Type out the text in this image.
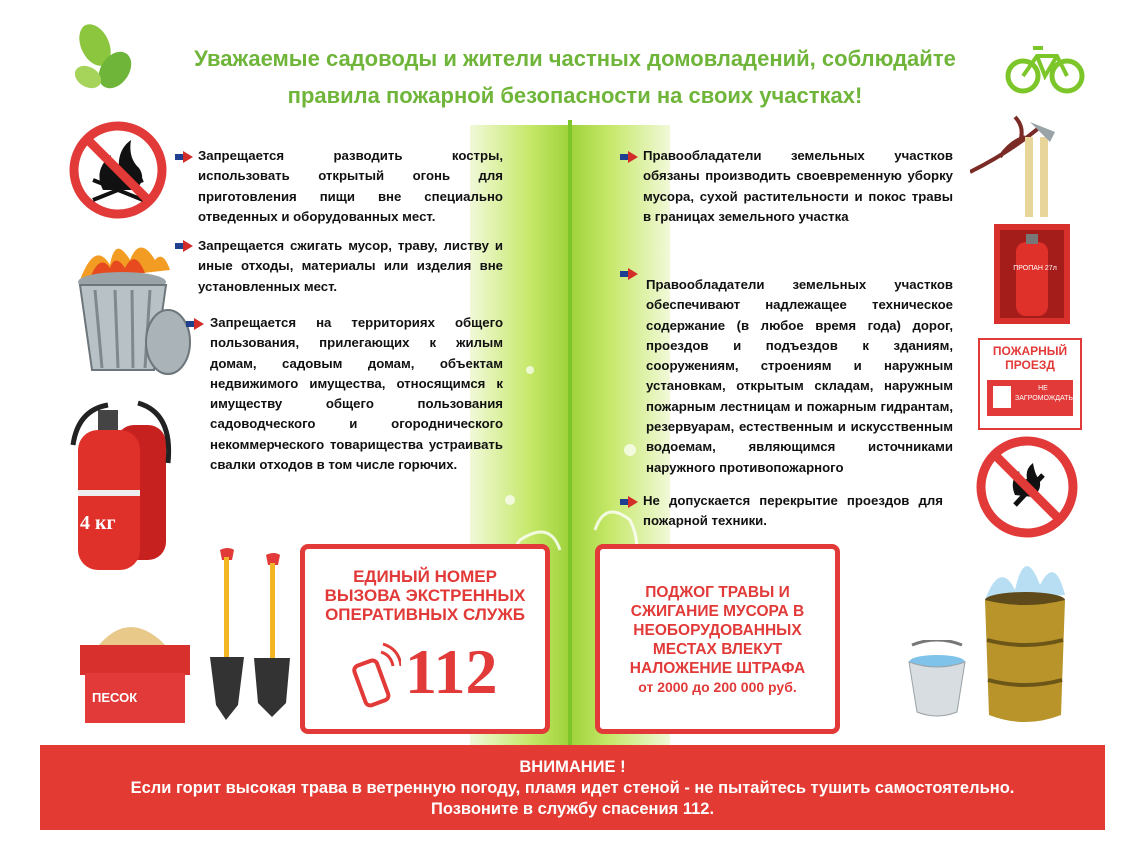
Уважаемые садоводы и жители частных домовладений, соблюдайте
правила пожарной безопасности на своих участках!

Запрещается разводить костры, использовать открытый огонь для приготовления пищи вне специально отведенных и оборудованных мест.

Запрещается сжигать мусор, траву, листву и иные отходы, материалы или изделия вне установленных мест.

Запрещается на территориях общего пользования, прилегающих к жилым домам, садовым домам, объектам недвижимого имущества, относящимся к имуществу общего пользования садоводческого и огороднического некоммерческого товарищества устраивать свалки отходов в том числе горючих.

4 кг
ПЕСОК
ЕДИНЫЙ НОМЕР ВЫЗОВА ЭКСТРЕННЫХ ОПЕРАТИВНЫХ СЛУЖБ
112
ПОДЖОГ ТРАВЫ И СЖИГАНИЕ МУСОРА В НЕОБОРУДОВАННЫХ МЕСТАХ ВЛЕКУТ НАЛОЖЕНИЕ ШТРАФА
от 2000 до 200 000 руб.

Правообладатели земельных участков обязаны производить своевременную уборку мусора, сухой растительности и покос травы в границах земельного участка

Правообладатели земельных участков обеспечивают надлежащее техническое содержание (в любое время года) дорог, проездов и подъездов к зданиям, сооружениям, строениям и наружным установкам, открытым складам, наружным пожарным лестницам и пожарным гидрантам, резервуарам, естественным и искусственным водоемам, являющимся источниками наружного противопожарного

Не допускается перекрытие проездов для пожарной техники.

ПРОПАН 27л
ПОЖАРНЫЙ ПРОЕЗД
НЕ ЗАГРОМОЖДАТЬ
ВНИМАНИЕ !
Если горит высокая трава в ветренную погоду, пламя идет стеной - не пытайтесь тушить самостоятельно.
Позвоните в службу спасения 112.
